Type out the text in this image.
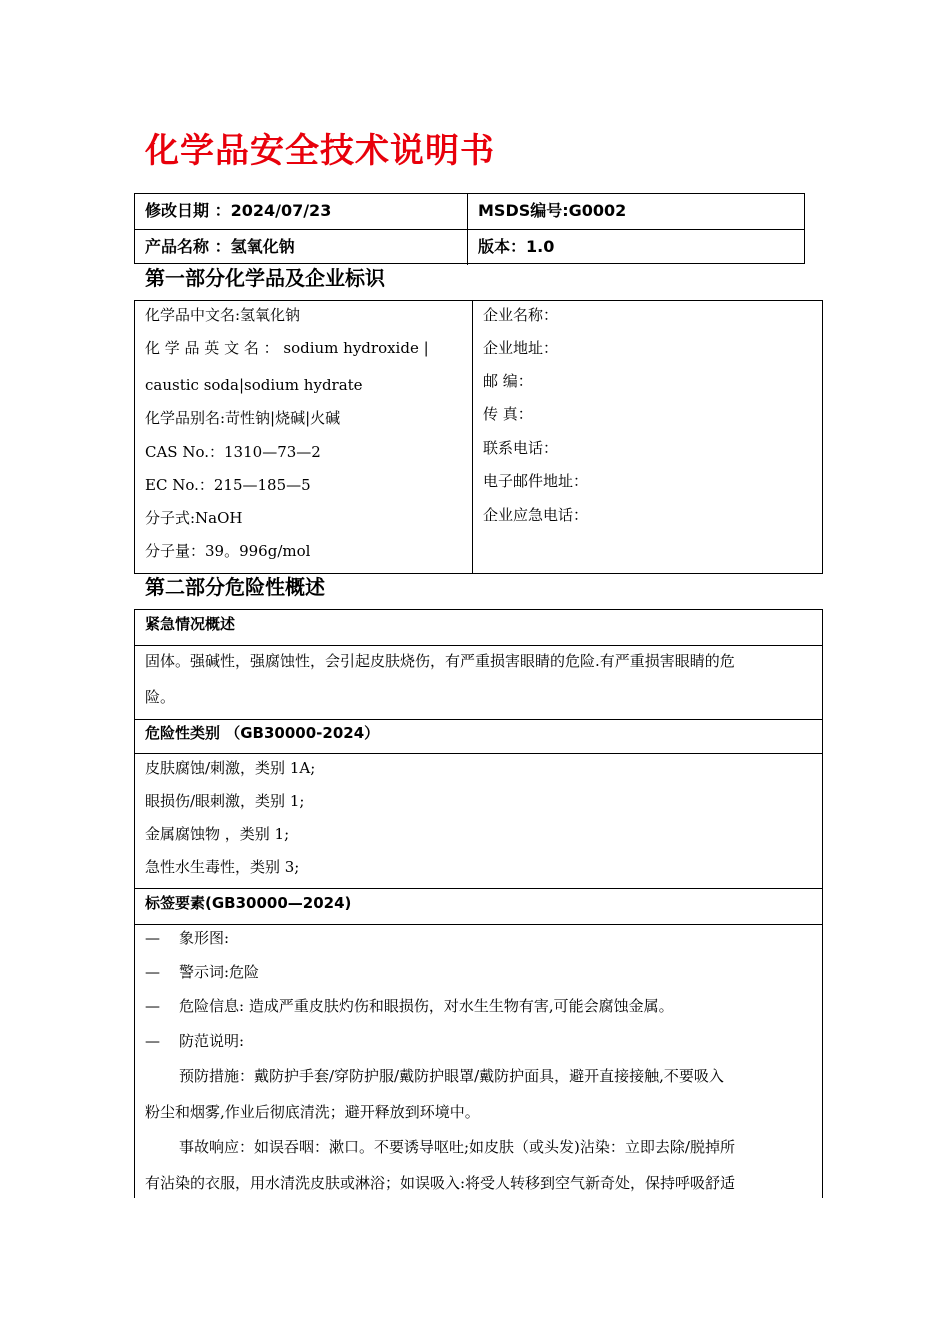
化学品安全技术说明书
修改日期 ：2024/07/23	MSDS编号:G0002
产品名称 ：氢氧化钠	版本：1.0
第一部分化学品及企业标识
化学品中文名:氢氧化钠
化 学 品 英 文 名 ： sodium hydroxide |
caustic soda|sodium hydrate
化学品别名:苛性钠|烧碱|火碱
CAS No.：1310—73—2
EC No.：215—185—5
分子式:NaOH
分子量：39。996g/mol
企业名称：
企业地址：
邮 编：
传 真：
联系电话：
电子邮件地址：
企业应急电话：
第二部分危险性概述
紧急情况概述
固体。强碱性，强腐蚀性，会引起皮肤烧伤，有严重损害眼睛的危险.有严重损害眼睛的危
险。
危险性类别 （GB30000-2024）
皮肤腐蚀/刺激，类别 1A;
眼损伤/眼刺激，类别 1;
金属腐蚀物 ，类别 1;
急性水生毒性，类别 3;
标签要素(GB30000—2024)
— 象形图:
— 警示词:危险
— 危险信息: 造成严重皮肤灼伤和眼损伤，对水生生物有害,可能会腐蚀金属。
— 防范说明:
预防措施：戴防护手套/穿防护服/戴防护眼罩/戴防护面具，避开直接接触,不要吸入
粉尘和烟雾,作业后彻底清洗；避开释放到环境中。
事故响应：如误吞咽：漱口。不要诱导呕吐;如皮肤（或头发)沾染：立即去除/脱掉所
有沾染的衣服，用水清洗皮肤或淋浴；如误吸入:将受人转移到空气新奇处，保持呼吸舒适
